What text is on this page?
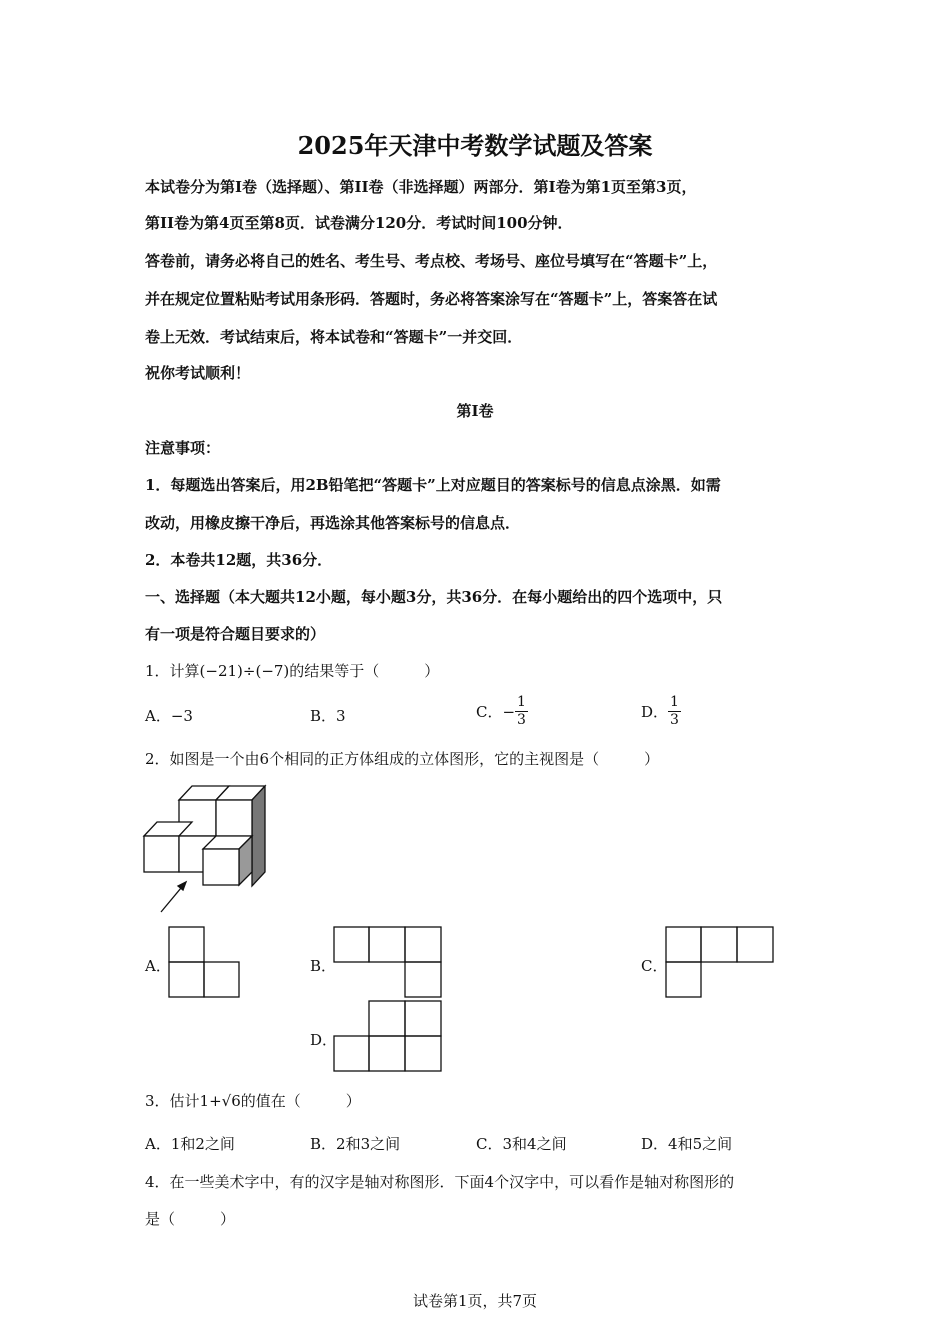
2025年天津中考数学试题及答案
本试卷分为第Ⅰ卷（选择题）、第II卷（非选择题）两部分．第Ⅰ卷为第1页至第3页，
第II卷为第4页至第8页．试卷满分120分．考试时间100分钟．
答卷前，请务必将自己的姓名、考生号、考点校、考场号、座位号填写在“答题卡”上，
并在规定位置粘贴考试用条形码．答题时，务必将答案涂写在“答题卡”上，答案答在试
卷上无效．考试结束后，将本试卷和“答题卡”一并交回．
祝你考试顺利！
第Ⅰ卷
注意事项：
1．每题选出答案后，用2B铅笔把“答题卡”上对应题目的答案标号的信息点涂黑．如需
改动，用橡皮擦干净后，再选涂其他答案标号的信息点．
2．本卷共12题，共36分．
一、选择题（本大题共12小题，每小题3分，共36分．在每小题给出的四个选项中，只
有一项是符合题目要求的）
1．计算(−21)÷(−7)的结果等于（　　　）
A．−3	B．3	C．− $\frac{1}{3}$	D． $\frac{1}{3}$
2．如图是一个由6个相同的正方体组成的立体图形，它的主视图是（　　　）
A．	B．	C．
D．
3．估计1+√6的值在（　　　）
A．1和2之间	B．2和3之间	C．3和4之间	D．4和5之间
4．在一些美术字中，有的汉字是轴对称图形．下面4个汉字中，可以看作是轴对称图形的
是（　　　）
试卷第1页，共7页
